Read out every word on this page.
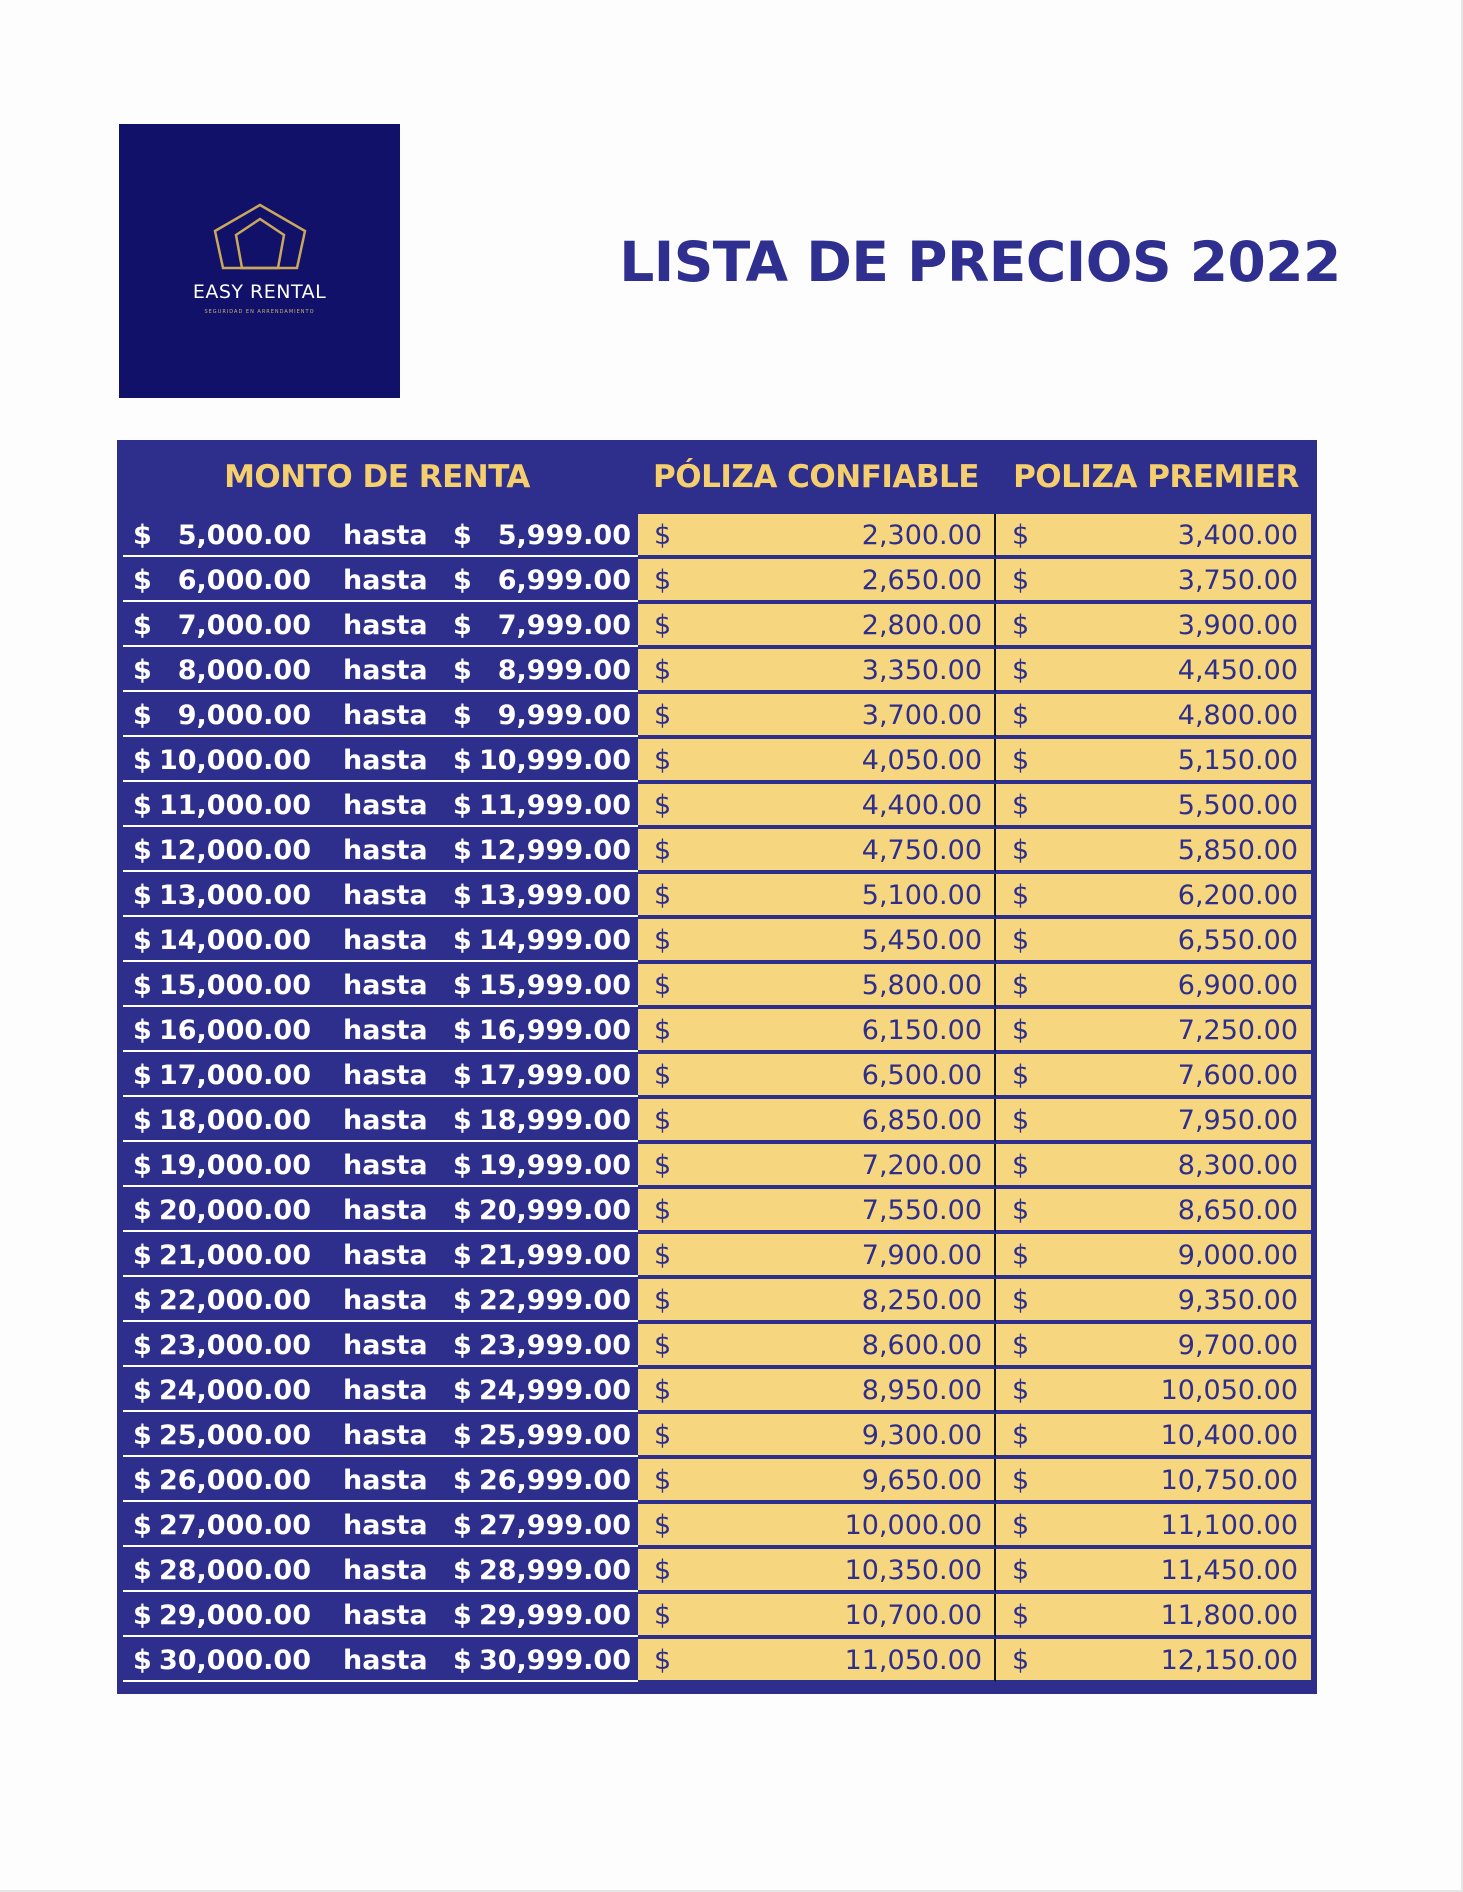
EASY RENTAL
SEGURIDAD EN ARRENDAMIENTO
LISTA DE PRECIOS 2022
MONTO DE RENTA	PÓLIZA CONFIABLE	POLIZA PREMIER
$ 5,000.00 hasta $ 5,999.00 $	2,300.00 $	3,400.00
$ 6,000.00 hasta $ 6,999.00 $	2,650.00 $	3,750.00
$ 7,000.00 hasta $ 7,999.00 $	2,800.00 $	3,900.00
$ 8,000.00 hasta $ 8,999.00 $	3,350.00 $	4,450.00
$ 9,000.00 hasta $ 9,999.00 $	3,700.00 $	4,800.00
$ 10,000.00 hasta $ 10,999.00 $	4,050.00 $	5,150.00
$ 11,000.00 hasta $ 11,999.00 $	4,400.00 $	5,500.00
$ 12,000.00 hasta $ 12,999.00 $	4,750.00 $	5,850.00
$ 13,000.00 hasta $ 13,999.00 $	5,100.00 $	6,200.00
$ 14,000.00 hasta $ 14,999.00 $	5,450.00 $	6,550.00
$ 15,000.00 hasta $ 15,999.00 $	5,800.00 $	6,900.00
$ 16,000.00 hasta $ 16,999.00 $	6,150.00 $	7,250.00
$ 17,000.00 hasta $ 17,999.00 $	6,500.00 $	7,600.00
$ 18,000.00 hasta $ 18,999.00 $	6,850.00 $	7,950.00
$ 19,000.00 hasta $ 19,999.00 $	7,200.00 $	8,300.00
$ 20,000.00 hasta $ 20,999.00 $	7,550.00 $	8,650.00
$ 21,000.00 hasta $ 21,999.00 $	7,900.00 $	9,000.00
$ 22,000.00 hasta $ 22,999.00 $	8,250.00 $	9,350.00
$ 23,000.00 hasta $ 23,999.00 $	8,600.00 $	9,700.00
$ 24,000.00 hasta $ 24,999.00 $	8,950.00 $	10,050.00
$ 25,000.00 hasta $ 25,999.00 $	9,300.00 $	10,400.00
$ 26,000.00 hasta $ 26,999.00 $	9,650.00 $	10,750.00
$ 27,000.00 hasta $ 27,999.00 $	10,000.00 $	11,100.00
$ 28,000.00 hasta $ 28,999.00 $	10,350.00 $	11,450.00
$ 29,000.00 hasta $ 29,999.00 $	10,700.00 $	11,800.00
$ 30,000.00 hasta $ 30,999.00 $	11,050.00 $	12,150.00
